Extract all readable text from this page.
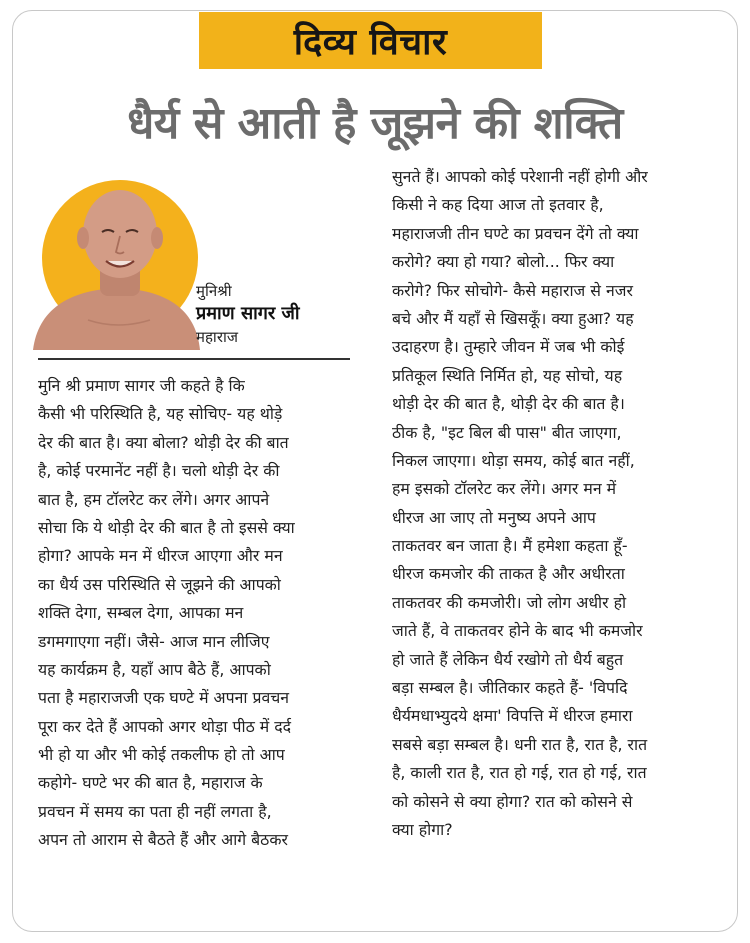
दिव्य विचार
धैर्य से आती है जूझने की शक्ति
मुनिश्री
प्रमाण सागर जी
महाराज
मुनि श्री प्रमाण सागर जी कहते है कि
कैसी भी परिस्थिति है, यह सोचिए- यह थोड़े
देर की बात है। क्या बोला? थोड़ी देर की बात
है, कोई परमानेंट नहीं है। चलो थोड़ी देर की
बात है, हम टॉलरेट कर लेंगे। अगर आपने
सोचा कि ये थोड़ी देर की बात है तो इससे क्या
होगा? आपके मन में धीरज आएगा और मन
का धैर्य उस परिस्थिति से जूझने की आपको
शक्ति देगा, सम्बल देगा, आपका मन
डगमगाएगा नहीं। जैसे- आज मान लीजिए
यह कार्यक्रम है, यहाँ आप बैठे हैं, आपको
पता है महाराजजी एक घण्टे में अपना प्रवचन
पूरा कर देते हैं आपको अगर थोड़ा पीठ में दर्द
भी हो या और भी कोई तकलीफ हो तो आप
कहोगे- घण्टे भर की बात है, महाराज के
प्रवचन में समय का पता ही नहीं लगता है,
अपन तो आराम से बैठते हैं और आगे बैठकर
सुनते हैं। आपको कोई परेशानी नहीं होगी और
किसी ने कह दिया आज तो इतवार है,
महाराजजी तीन घण्टे का प्रवचन देंगे तो क्या
करोगे? क्या हो गया? बोलो... फिर क्या
करोगे? फिर सोचोगे- कैसे महाराज से नजर
बचे और मैं यहाँ से खिसकूँ। क्या हुआ? यह
उदाहरण है। तुम्हारे जीवन में जब भी कोई
प्रतिकूल स्थिति निर्मित हो, यह सोचो, यह
थोड़ी देर की बात है, थोड़ी देर की बात है।
ठीक है, "इट बिल बी पास" बीत जाएगा,
निकल जाएगा। थोड़ा समय, कोई बात नहीं,
हम इसको टॉलरेट कर लेंगे। अगर मन में
धीरज आ जाए तो मनुष्य अपने आप
ताकतवर बन जाता है। मैं हमेशा कहता हूँ-
धीरज कमजोर की ताकत है और अधीरता
ताकतवर की कमजोरी। जो लोग अधीर हो
जाते हैं, वे ताकतवर होने के बाद भी कमजोर
हो जाते हैं लेकिन धैर्य रखोगे तो धैर्य बहुत
बड़ा सम्बल है। जीतिकार कहते हैं- 'विपदि
धैर्यमधाभ्युदये क्षमा' विपत्ति में धीरज हमारा
सबसे बड़ा सम्बल है। धनी रात है, रात है, रात
है, काली रात है, रात हो गई, रात हो गई, रात
को कोसने से क्या होगा? रात को कोसने से
क्या होगा?
